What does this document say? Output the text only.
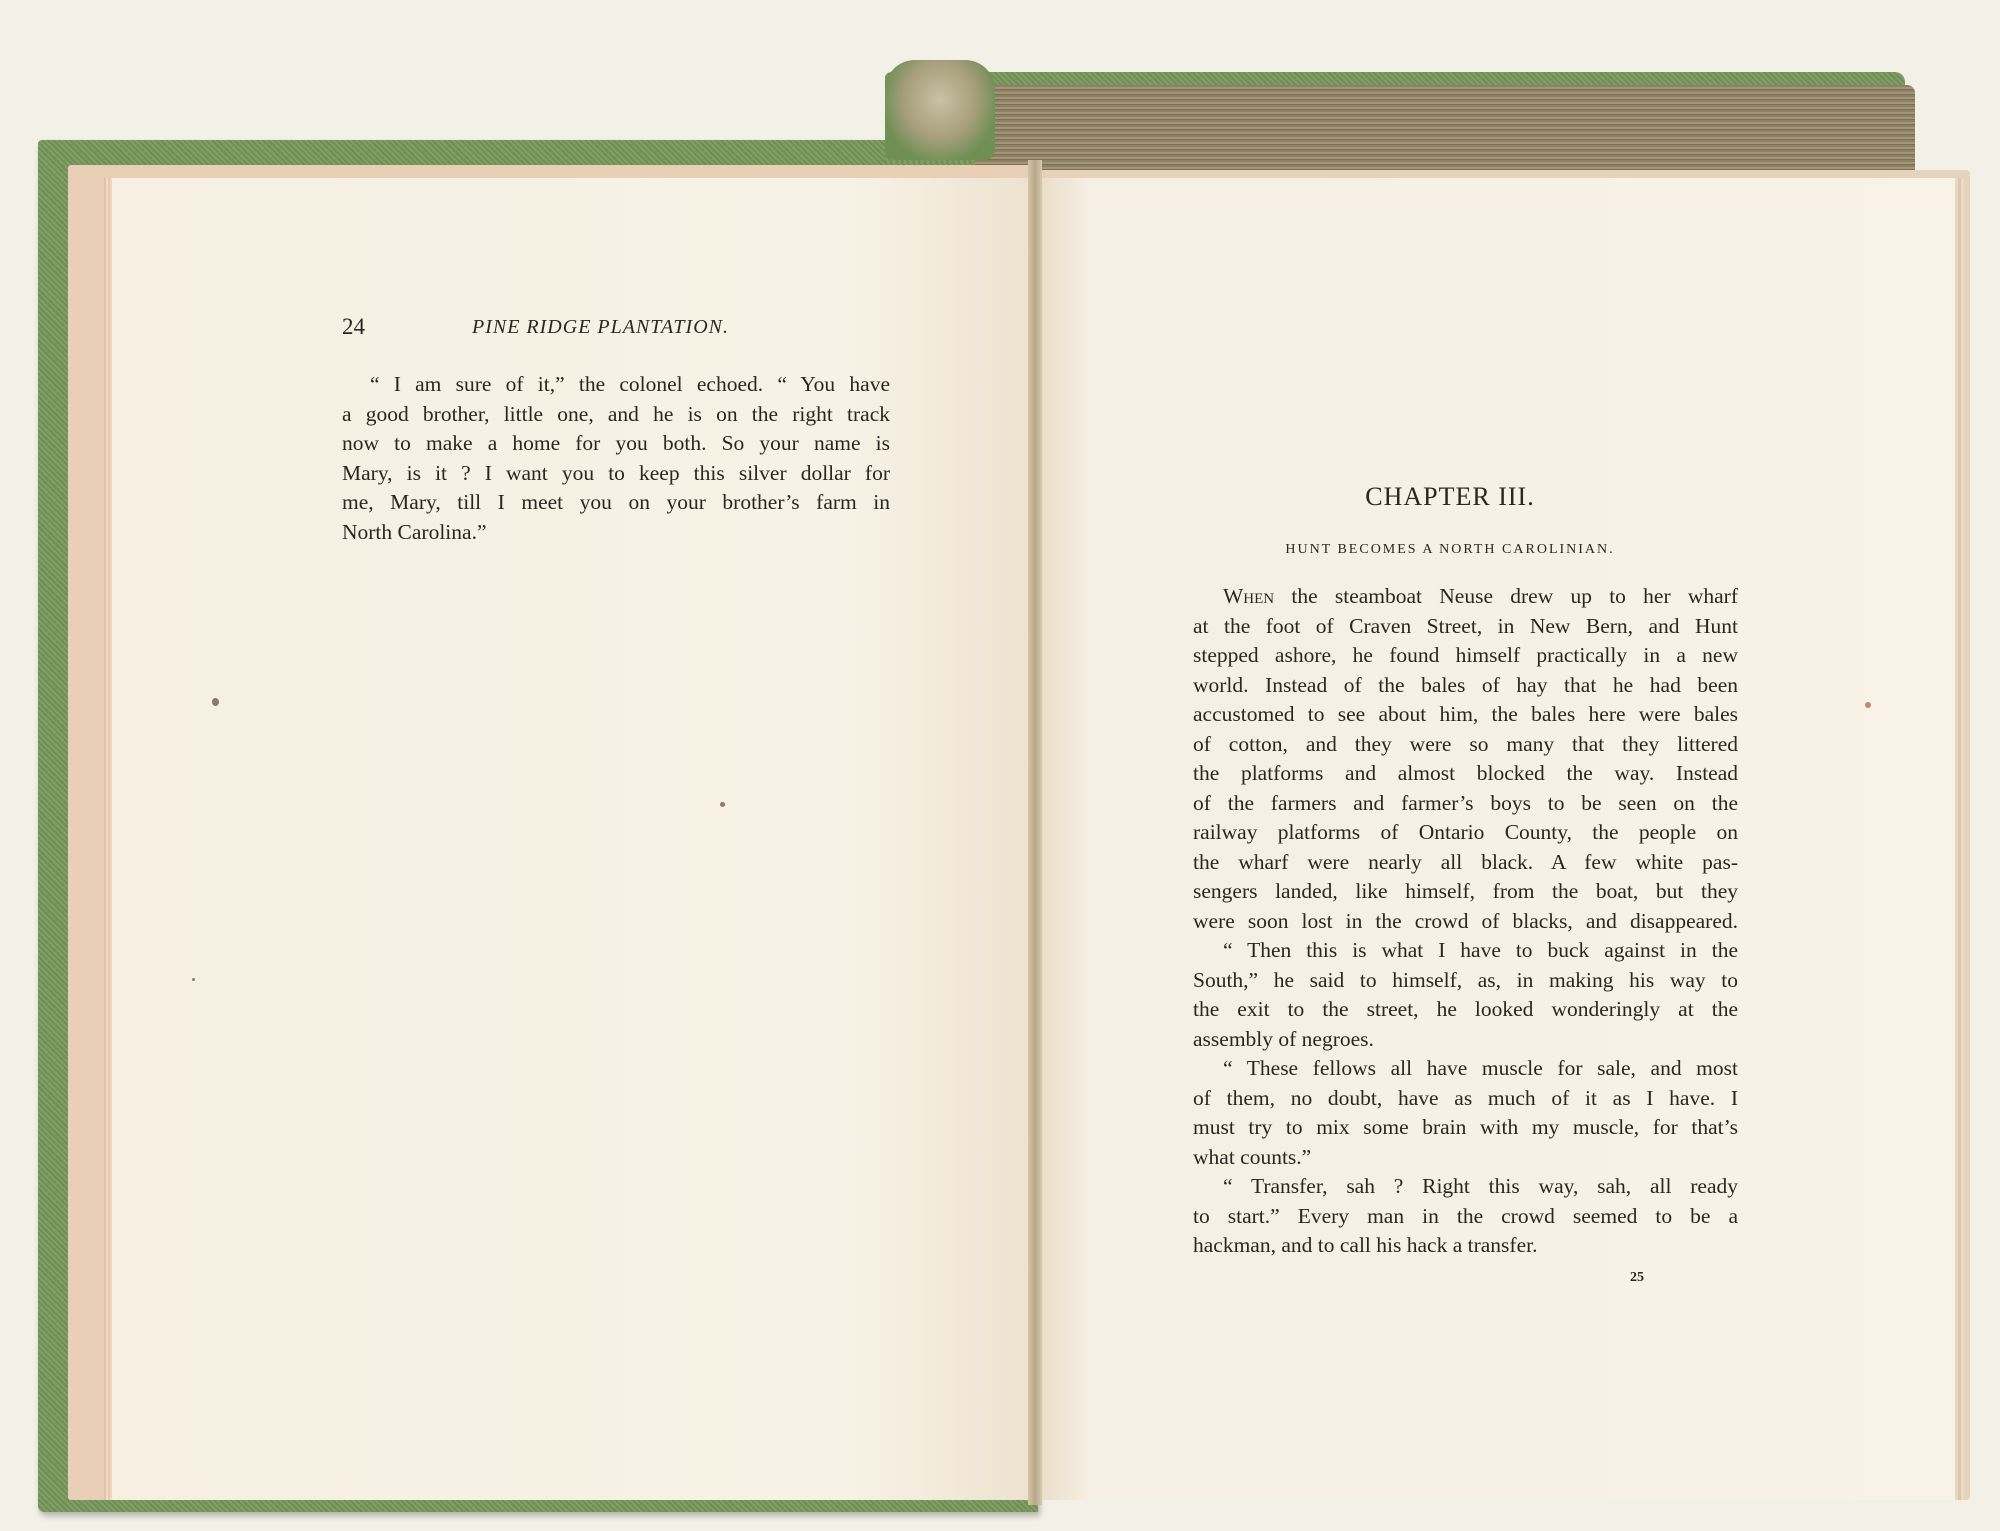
24	PINE RIDGE PLANTATION.
“ I am sure of it,” the colonel echoed. “ You have
a good brother, little one, and he is on the right track
now to make a home for you both. So your name is
Mary, is it ? I want you to keep this silver dollar for
me, Mary, till I meet you on your brother’s farm in
North Carolina.”
CHAPTER III.
HUNT BECOMES A NORTH CAROLINIAN.
When the steamboat Neuse drew up to her wharf
at the foot of Craven Street, in New Bern, and Hunt
stepped ashore, he found himself practically in a new
world. Instead of the bales of hay that he had been
accustomed to see about him, the bales here were bales
of cotton, and they were so many that they littered
the platforms and almost blocked the way. Instead
of the farmers and farmer’s boys to be seen on the
railway platforms of Ontario County, the people on
the wharf were nearly all black. A few white pas-
sengers landed, like himself, from the boat, but they
were soon lost in the crowd of blacks, and disappeared.
“ Then this is what I have to buck against in the
South,” he said to himself, as, in making his way to
the exit to the street, he looked wonderingly at the
assembly of negroes.
“ These fellows all have muscle for sale, and most
of them, no doubt, have as much of it as I have. I
must try to mix some brain with my muscle, for that’s
what counts.”
“ Transfer, sah ? Right this way, sah, all ready
to start.” Every man in the crowd seemed to be a
hackman, and to call his hack a transfer.
25
